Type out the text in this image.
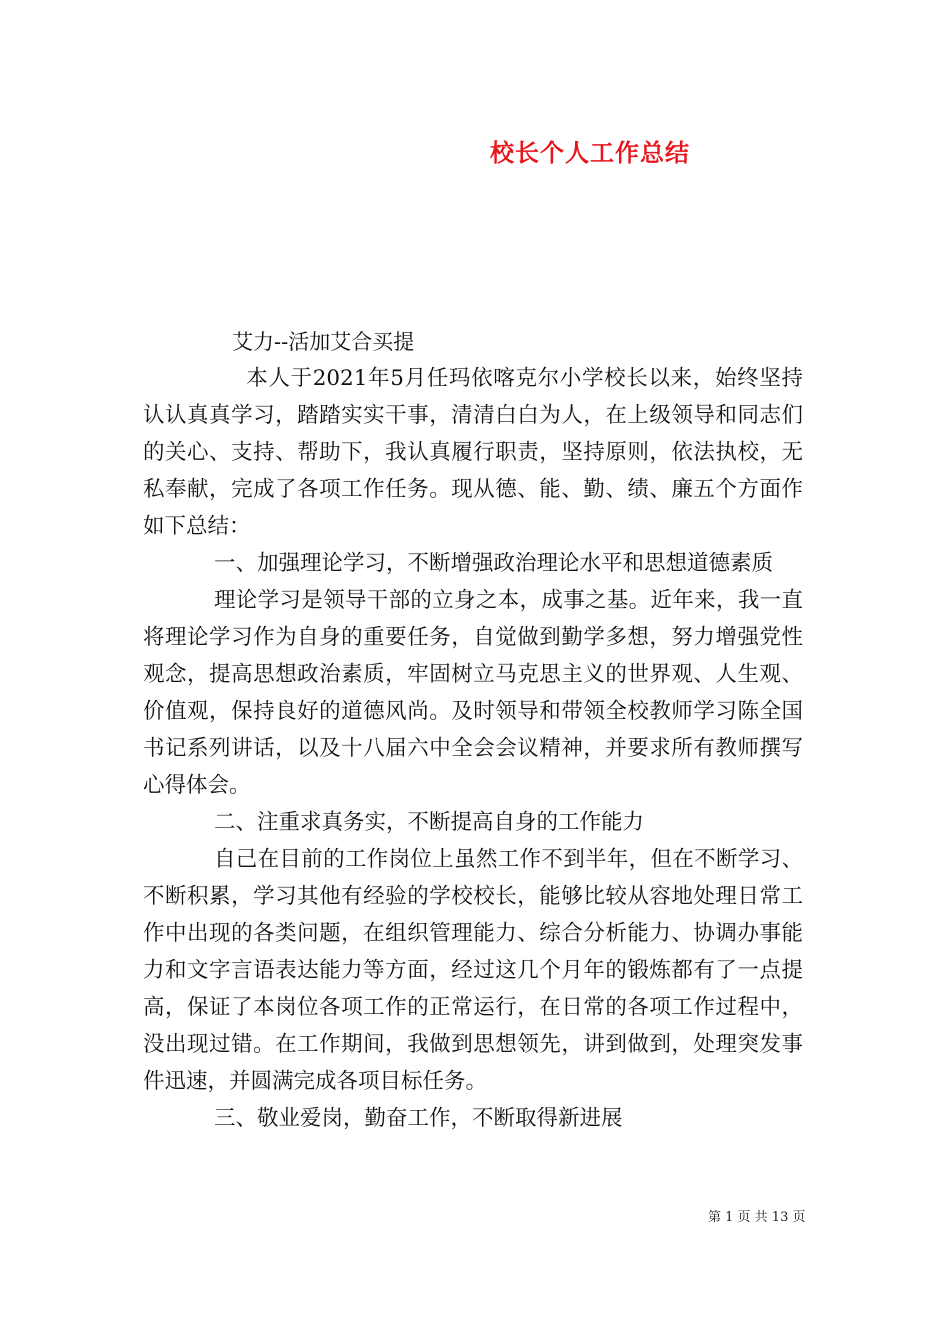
校长个人工作总结
艾力--活加艾合买提

本人于2021年5月任玛依喀克尔小学校长以来，始终坚持认认真真学习，踏踏实实干事，清清白白为人，在上级领导和同志们的关心、支持、帮助下，我认真履行职责，坚持原则，依法执校，无私奉献，完成了各项工作任务。现从德、能、勤、绩、廉五个方面作如下总结：

一、加强理论学习，不断增强政治理论水平和思想道德素质

理论学习是领导干部的立身之本，成事之基。近年来，我一直将理论学习作为自身的重要任务，自觉做到勤学多想，努力增强党性观念，提高思想政治素质，牢固树立马克思主义的世界观、人生观、价值观，保持良好的道德风尚。及时领导和带领全校教师学习陈全国书记系列讲话，以及十八届六中全会会议精神，并要求所有教师撰写心得体会。

二、注重求真务实，不断提高自身的工作能力

自己在目前的工作岗位上虽然工作不到半年，但在不断学习、不断积累，学习其他有经验的学校校长，能够比较从容地处理日常工作中出现的各类问题，在组织管理能力、综合分析能力、协调办事能力和文字言语表达能力等方面，经过这几个月年的锻炼都有了一点提高，保证了本岗位各项工作的正常运行，在日常的各项工作过程中，没出现过错。在工作期间，我做到思想领先，讲到做到，处理突发事件迅速，并圆满完成各项目标任务。

三、敬业爱岗，勤奋工作，不断取得新进展

第 1 页 共 13 页
